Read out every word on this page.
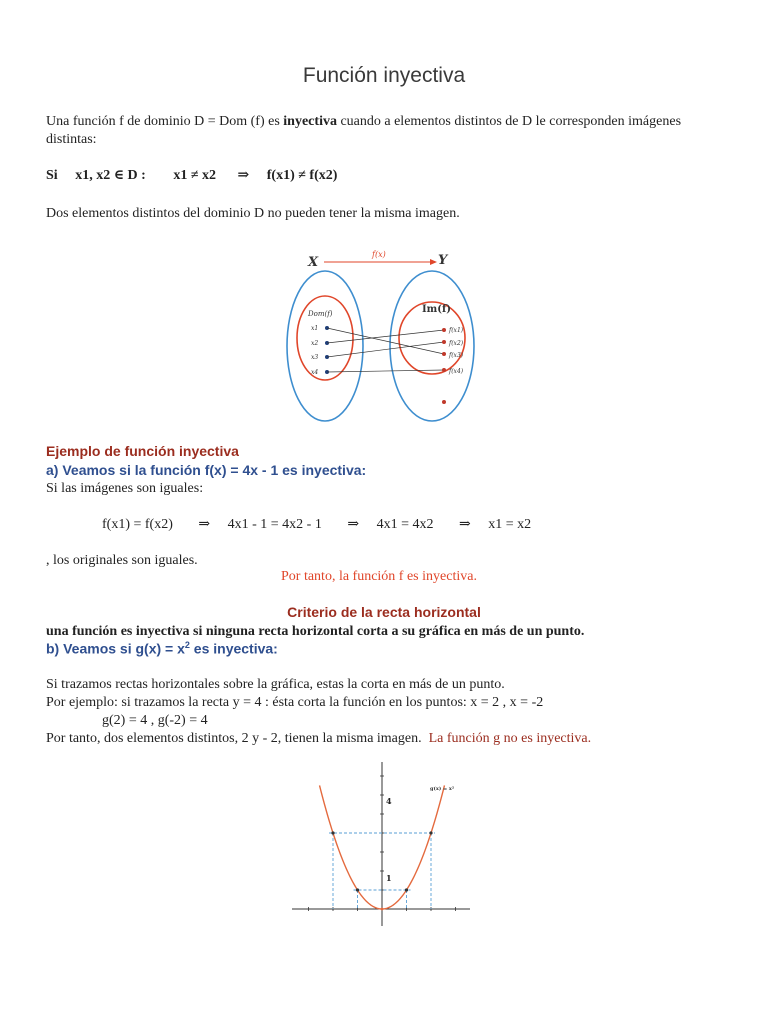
Función inyectiva
Una función f de dominio D = Dom (f) es inyectiva cuando a elementos distintos de D le corresponden imágenes distintas:
Si x1, x2 ∈ D : x1 ≠ x2 ⇒ f(x1) ≠ f(x2)
Dos elementos distintos del dominio D no pueden tener la misma imagen.
X	Y
f(x)
Dom(f)	Im(f)
x1
x2
x3
x4
f(x1)
f(x2)
f(x3)
f(x4)
Ejemplo de función inyectiva
a) Veamos si la función f(x) = 4x - 1 es inyectiva:
Si las imágenes son iguales:
f(x1) = f(x2) ⇒ 4x1 - 1 = 4x2 - 1 ⇒ 4x1 = 4x2 ⇒ x1 = x2
, los originales son iguales.
Por tanto, la función f es inyectiva.
Criterio de la recta horizontal
una función es inyectiva si ninguna recta horizontal corta a su gráfica en más de un punto.
b) Veamos si $g(x) = x^2$ es inyectiva:
Si trazamos rectas horizontales sobre la gráfica, estas la corta en más de un punto.
Por ejemplo: si trazamos la recta y = 4 : ésta corta la función en los puntos: x = 2 , x = -2
g(2) = 4 , g(-2) = 4
Por tanto, dos elementos distintos, 2 y - 2, tienen la misma imagen. La función g no es inyectiva.
g(x) = x²
4
1
